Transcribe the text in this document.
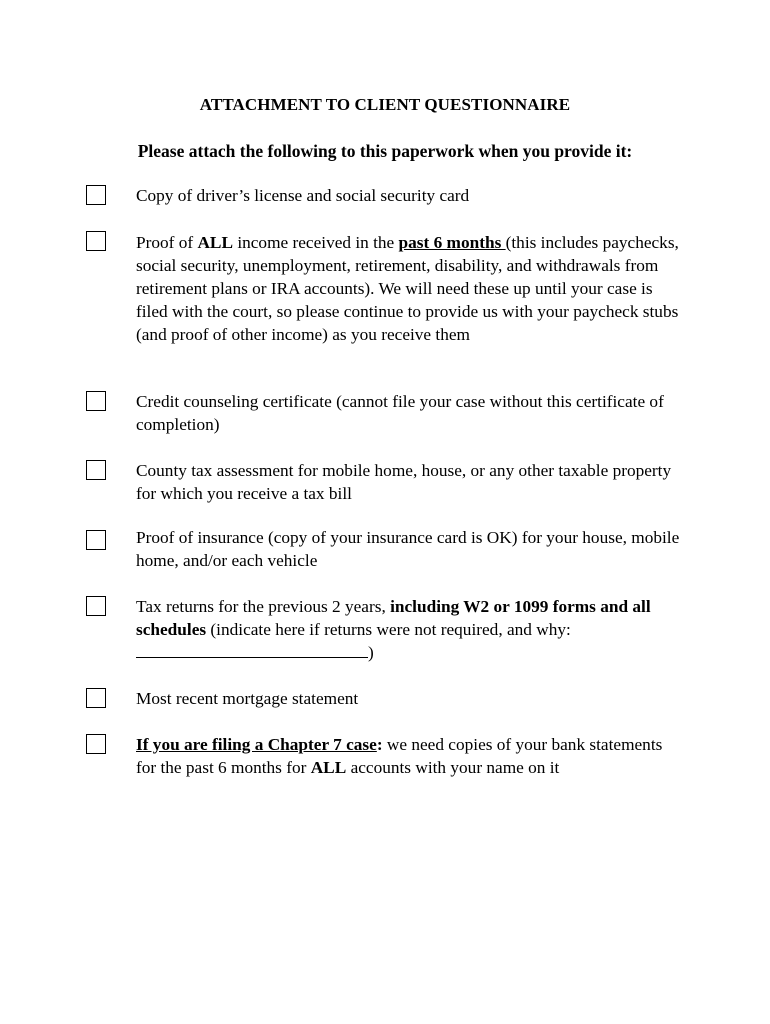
ATTACHMENT TO CLIENT QUESTIONNAIRE
Please attach the following to this paperwork when you provide it:
Copy of driver’s license and social security card
Proof of ALL income received in the past 6 months (this includes paychecks, social security, unemployment, retirement, disability, and withdrawals from retirement plans or IRA accounts). We will need these up until your case is filed with the court, so please continue to provide us with your paycheck stubs (and proof of other income) as you receive them
Credit counseling certificate (cannot file your case without this certificate of completion)
County tax assessment for mobile home, house, or any other taxable property for which you receive a tax bill
Proof of insurance (copy of your insurance card is OK) for your house, mobile home, and/or each vehicle
Tax returns for the previous 2 years, including W2 or 1099 forms and all schedules (indicate here if returns were not required, and why:
)
Most recent mortgage statement
If you are filing a Chapter 7 case: we need copies of your bank statements for the past 6 months for ALL accounts with your name on it
